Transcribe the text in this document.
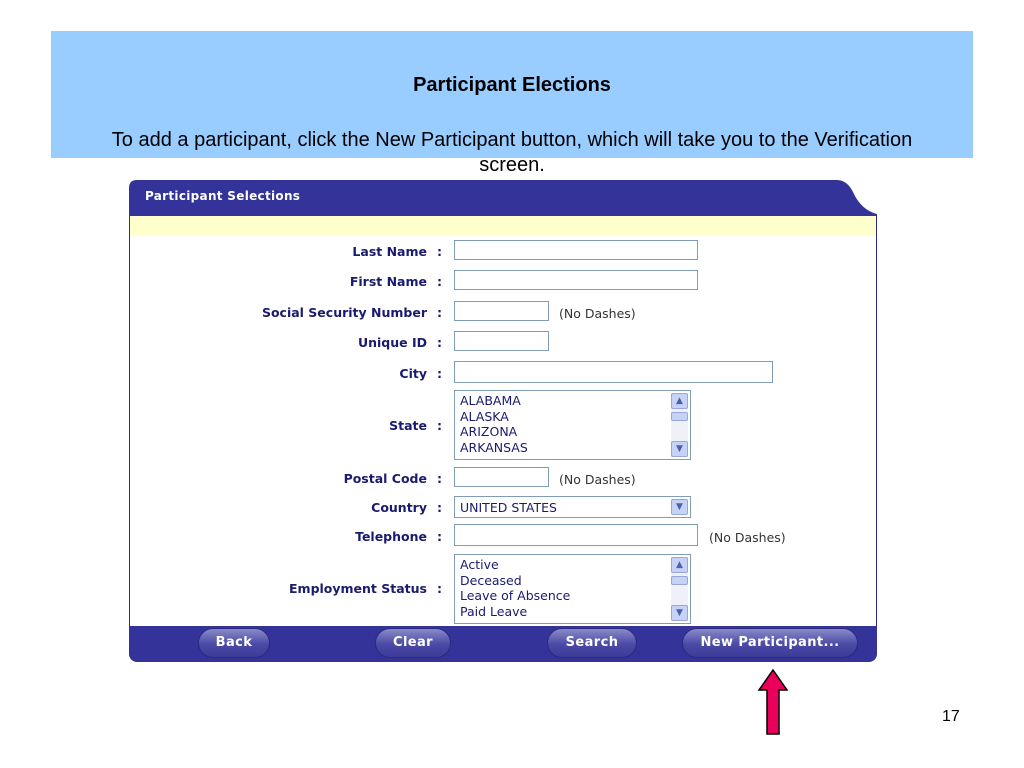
Participant Elections
To add a participant, click the New Participant button, which will take you to the Verification screen.
Participant Selections
Last Name :
First Name :
Social Security Number :	(No Dashes)
Unique ID :
City :
State :
ALABAMA
ALASKA
ARIZONA
ARKANSAS
▲
▼
Postal Code :	(No Dashes)
Country : UNITED STATES	▼
Telephone :	(No Dashes)
Employment Status :
Active
Deceased
Leave of Absence
Paid Leave
▲
▼
Back	Clear	Search	New Participant...
17
